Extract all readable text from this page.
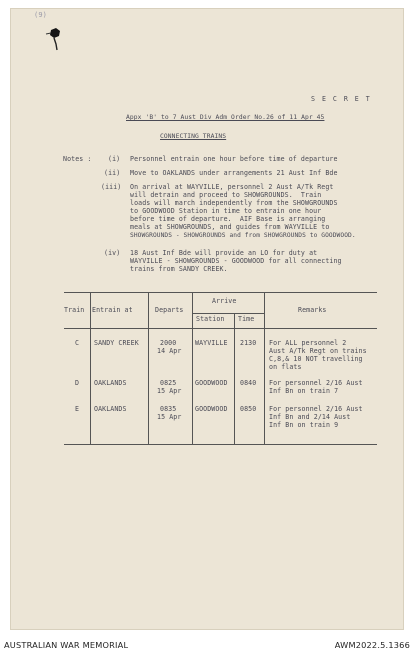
(9)
S E C R E T
Appx 'B' to 7 Aust Div Adm Order No.26 of 11 Apr 45
CONNECTING TRAINS
Notes :	(i) Personnel entrain one hour before time of departure
(ii) Move to OAKLANDS under arrangements 21 Aust Inf Bde
(iii) On arrival at WAYVILLE, personnel 2 Aust A/Tk Regt
will detrain and proceed to SHOWGROUNDS.  Train
loads will march independently from the SHOWGROUNDS
to GOODWOOD Station in time to entrain one hour
before time of departure.  AIF Base is arranging
meals at SHOWGROUNDS, and guides from WAYVILLE to
SHOWGROUNDS - SHOWGROUNDS and from SHOWGROUNDS to GOODWOOD.
(iv) 18 Aust Inf Bde will provide an LO for duty at
WAYVILLE - SHOWGROUNDS - GOODWOOD for all connecting
trains from SANDY CREEK.
Train Entrain at	Departs
Arrive
Station Time
Remarks
C SANDY CREEK	2000
14 Apr
WAYVILLE 2130 For ALL personnel 2
Aust A/Tk Regt on trains
C,8,& 10 NOT travelling
on flats
D OAKLANDS	0825
15 Apr
GOODWOOD 0840 For personnel 2/16 Aust
Inf Bn on train 7
E OAKLANDS	0835
15 Apr
GOODWOOD 0850 For personnel 2/16 Aust
Inf Bn and 2/14 Aust
Inf Bn on train 9
AUSTRALIAN WAR MEMORIAL	AWM2022.5.1366
